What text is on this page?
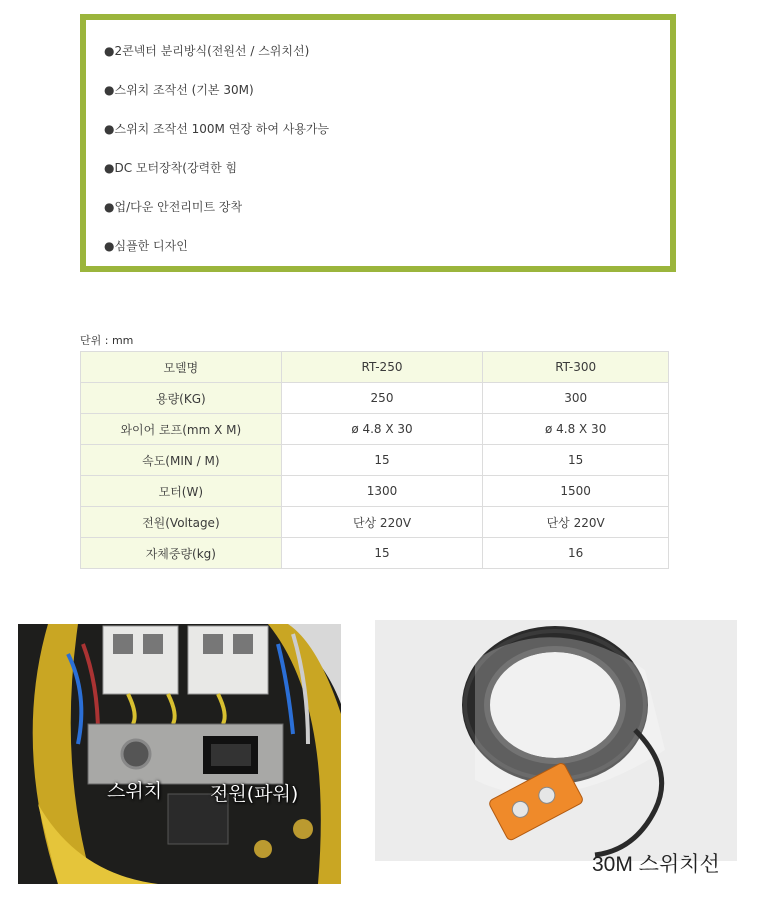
●2콘넥터 분리방식(전원선 / 스위치선)
●스위치 조작선 (기본 30M)
●스위치 조작선 100M 연장 하여 사용가능
●DC 모터장착(강력한 힘
●업/다운 안전리미트 장착
●심플한 디자인
단위 : mm
모델명	RT-250	RT-300
용량(KG)	250	300
와이어 로프(mm X M)	ø 4.8 X 30	ø 4.8 X 30
속도(MIN / M)	15	15
모터(W)	1300	1500
전원(Voltage)	단상 220V	단상 220V
자체중량(kg)	15	16
스위치	전원(파워)
30M 스위치선
